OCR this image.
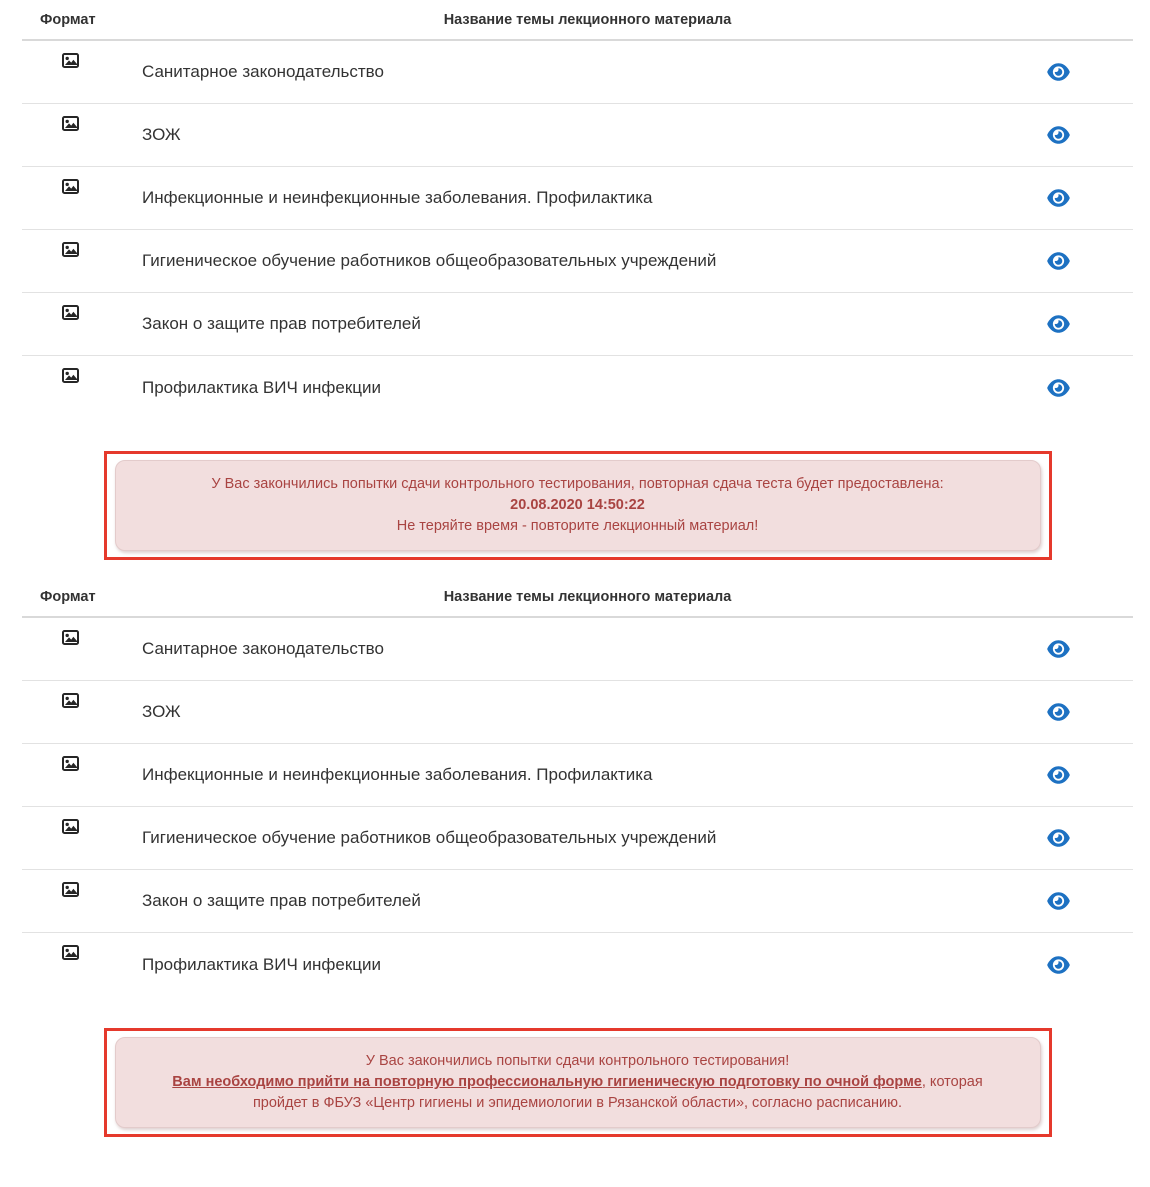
Формат	Название темы лекционного материала
Санитарное законодательство
ЗОЖ
Инфекционные и неинфекционные заболевания. Профилактика
Гигиеническое обучение работников общеобразовательных учреждений
Закон о защите прав потребителей
Профилактика ВИЧ инфекции
У Вас закончились попытки сдачи контрольного тестирования, повторная сдача теста будет предоставлена:
20.08.2020 14:50:22
Не теряйте время - повторите лекционный материал!
Формат	Название темы лекционного материала
Санитарное законодательство
ЗОЖ
Инфекционные и неинфекционные заболевания. Профилактика
Гигиеническое обучение работников общеобразовательных учреждений
Закон о защите прав потребителей
Профилактика ВИЧ инфекции
У Вас закончились попытки сдачи контрольного тестирования!
Вам необходимо прийти на повторную профессиональную гигиеническую подготовку по очной форме, которая
пройдет в ФБУЗ «Центр гигиены и эпидемиологии в Рязанской области», согласно расписанию.
